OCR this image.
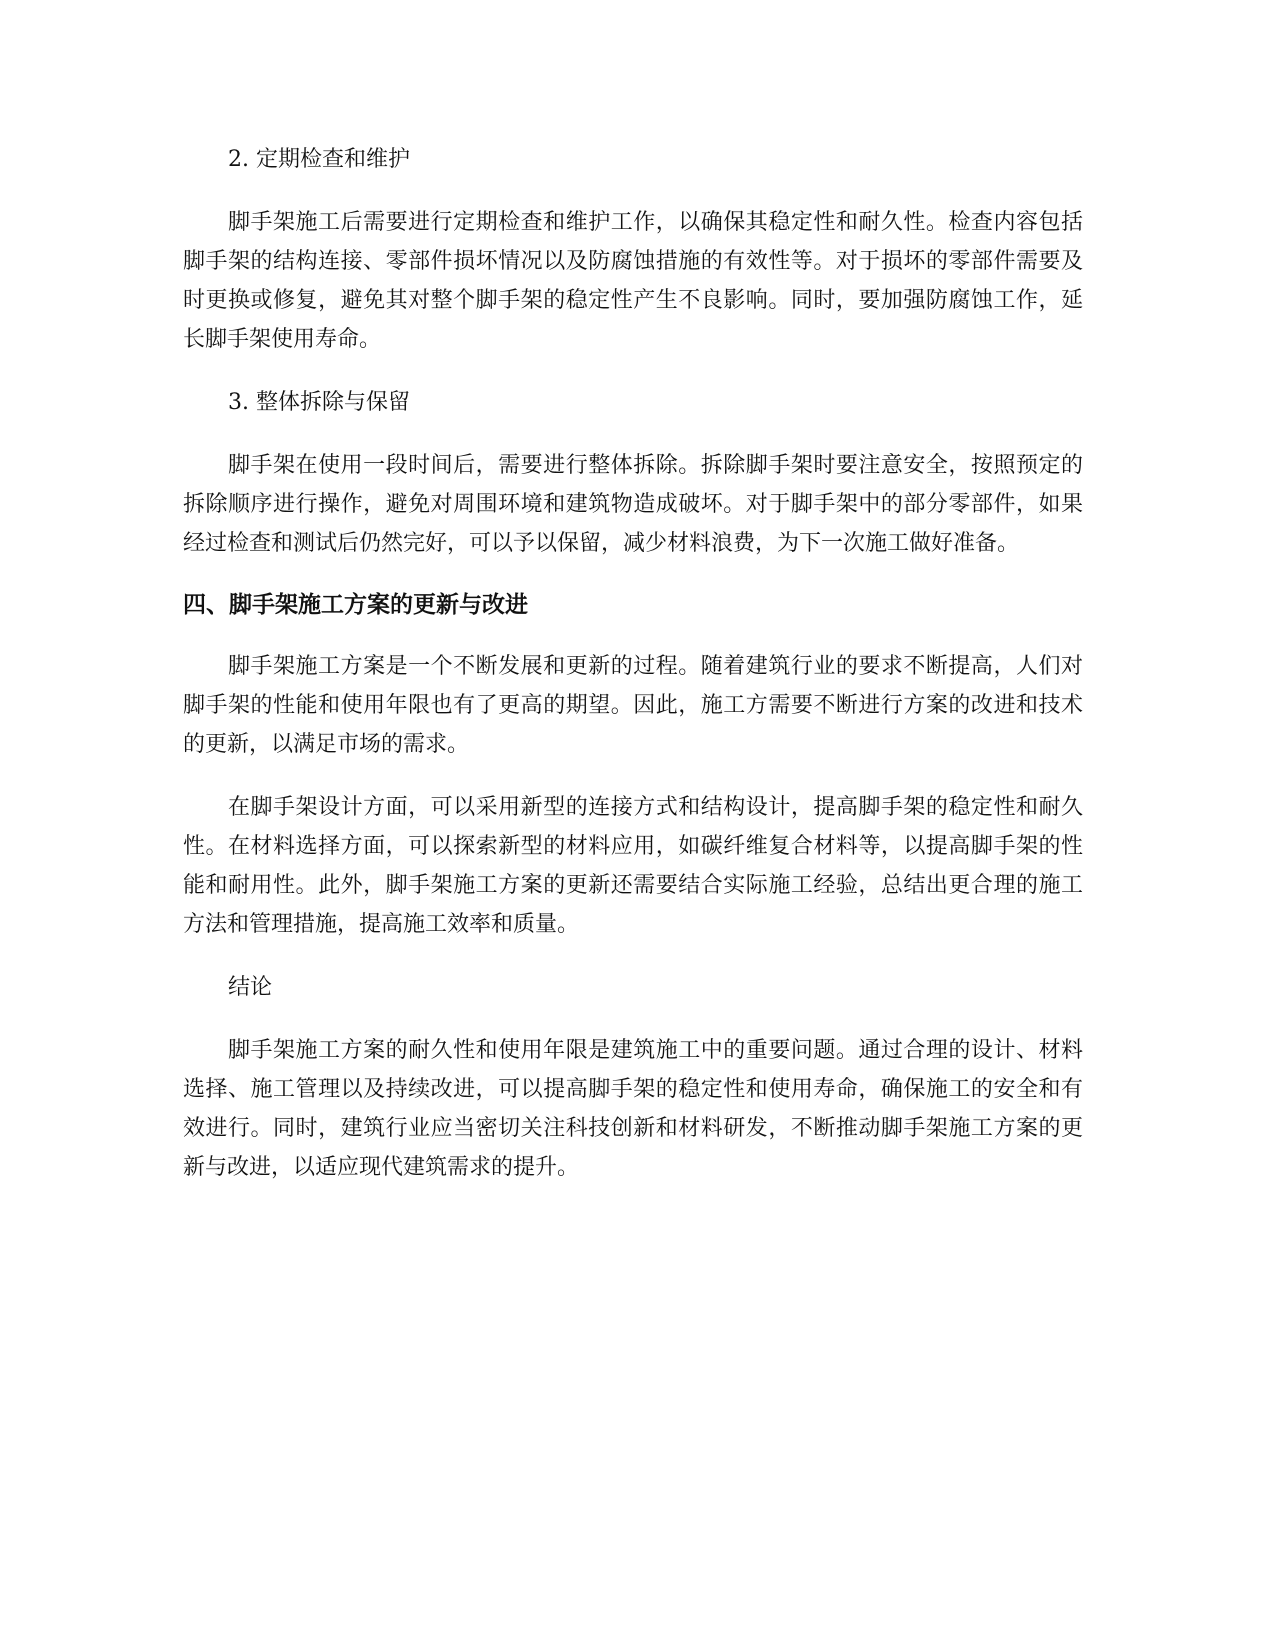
2. 定期检查和维护

脚手架施工后需要进行定期检查和维护工作，以确保其稳定性和耐久性。检查内容包括脚手架的结构连接、零部件损坏情况以及防腐蚀措施的有效性等。对于损坏的零部件需要及时更换或修复，避免其对整个脚手架的稳定性产生不良影响。同时，要加强防腐蚀工作，延长脚手架使用寿命。

3. 整体拆除与保留

脚手架在使用一段时间后，需要进行整体拆除。拆除脚手架时要注意安全，按照预定的拆除顺序进行操作，避免对周围环境和建筑物造成破坏。对于脚手架中的部分零部件，如果经过检查和测试后仍然完好，可以予以保留，减少材料浪费，为下一次施工做好准备。

四、脚手架施工方案的更新与改进

脚手架施工方案是一个不断发展和更新的过程。随着建筑行业的要求不断提高，人们对脚手架的性能和使用年限也有了更高的期望。因此，施工方需要不断进行方案的改进和技术的更新，以满足市场的需求。

在脚手架设计方面，可以采用新型的连接方式和结构设计，提高脚手架的稳定性和耐久性。在材料选择方面，可以探索新型的材料应用，如碳纤维复合材料等，以提高脚手架的性能和耐用性。此外，脚手架施工方案的更新还需要结合实际施工经验，总结出更合理的施工方法和管理措施，提高施工效率和质量。

结论

脚手架施工方案的耐久性和使用年限是建筑施工中的重要问题。通过合理的设计、材料选择、施工管理以及持续改进，可以提高脚手架的稳定性和使用寿命，确保施工的安全和有效进行。同时，建筑行业应当密切关注科技创新和材料研发，不断推动脚手架施工方案的更新与改进，以适应现代建筑需求的提升。
